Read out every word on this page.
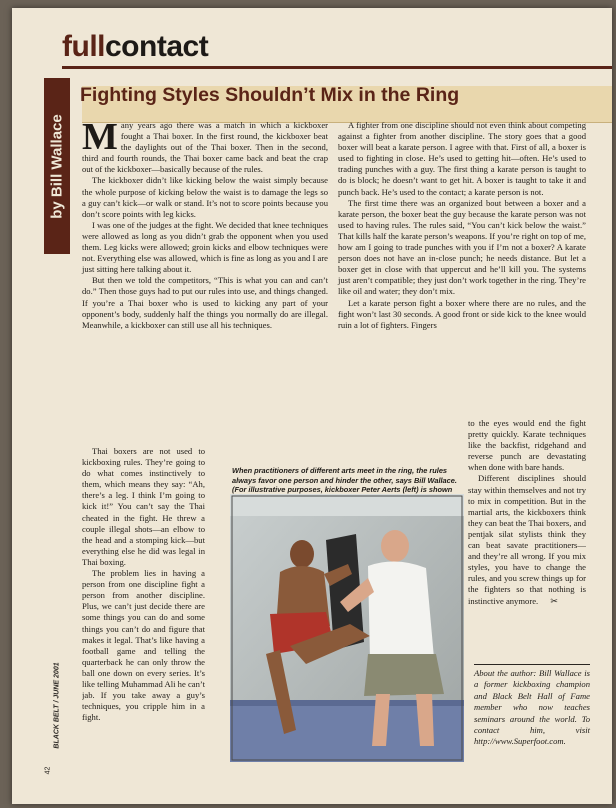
fullcontact
by Bill Wallace
Fighting Styles Shouldn’t Mix in the Ring

Many years ago there was a match in which a kickboxer fought a Thai boxer. In the first round, the kickboxer beat the daylights out of the Thai boxer. Then in the second, third and fourth rounds, the Thai boxer came back and beat the crap out of the kickboxer—basically because of the rules.

The kickboxer didn’t like kicking below the waist simply because the whole purpose of kicking below the waist is to damage the legs so a guy can’t kick—or walk or stand. It’s not to score points because you don’t score points with leg kicks.

I was one of the judges at the fight. We decided that knee techniques were allowed as long as you didn’t grab the opponent when you used them. Leg kicks were allowed; groin kicks and elbow techniques were not. Everything else was allowed, which is fine as long as you and I are just sitting here talking about it.

But then we told the competitors, “This is what you can and can’t do.” Then those guys had to put our rules into use, and things changed. If you’re a Thai boxer who is used to kicking any part of your opponent’s body, suddenly half the things you normally do are illegal. Meanwhile, a kickboxer can still use all his techniques.

Thai boxers are not used to kickboxing rules. They’re going to do what comes instinctively to them, which means they say: “Ah, there’s a leg. I think I’m going to kick it!” You can’t say the Thai cheated in the fight. He threw a couple illegal shots—an elbow to the head and a stomping kick—but everything else he did was legal in Thai boxing.

The problem lies in having a person from one discipline fight a person from another discipline. Plus, we can’t just decide there are some things you can do and some things you can’t do and figure that makes it legal. That’s like having a football game and telling the quarterback he can only throw the ball one down on every series. It’s like telling Muhammad Ali he can’t jab. If you take away a guy’s techniques, you cripple him in a fight.

A fighter from one discipline should not even think about competing against a fighter from another discipline. The story goes that a good boxer will beat a karate person. I agree with that. First of all, a boxer is used to fighting in close. He’s used to getting hit—often. He’s used to trading punches with a guy. The first thing a karate person is taught to do is block; he doesn’t want to get hit. A boxer is taught to take it and punch back. He’s used to the contact; a karate person is not.

The first time there was an organized bout between a boxer and a karate person, the boxer beat the guy because the karate person was not used to having rules. The rules said, “You can’t kick below the waist.” That kills half the karate person’s weapons. If you’re right on top of me, how am I going to trade punches with you if I’m not a boxer? A karate person does not have an in-close punch; he needs distance. But let a boxer get in close with that uppercut and he’ll kill you. The systems just aren’t compatible; they just don’t work together in the ring. They’re like oil and water; they don’t mix.

Let a karate person fight a boxer where there are no rules, and the fight won’t last 30 seconds. A good front or side kick to the knee would ruin a lot of fighters. Fingers

to the eyes would end the fight pretty quickly. Karate techniques like the backfist, ridgehand and reverse punch are devastating when done with bare hands.

Different disciplines should stay within themselves and not try to mix in competition. But in the martial arts, the kickboxers think they can beat the Thai boxers, and pentjak silat stylists think they can beat savate practitioners—and they’re all wrong. If you mix styles, you have to change the rules, and you screw things up for the fighters so that nothing is instinctive anymore. ✂

When practitioners of different arts meet in the ring, the rules always favor one person and hinder the other, says Bill Wallace. (For illustrative purposes, kickboxer Peter Aerts (left) is shown
About the author: Bill Wallace is a former kickboxing champion and Black Belt Hall of Fame member who now teaches seminars around the world. To contact him, visit http://www.Superfoot.com.
BLACK BELT / JUNE 2001
42
